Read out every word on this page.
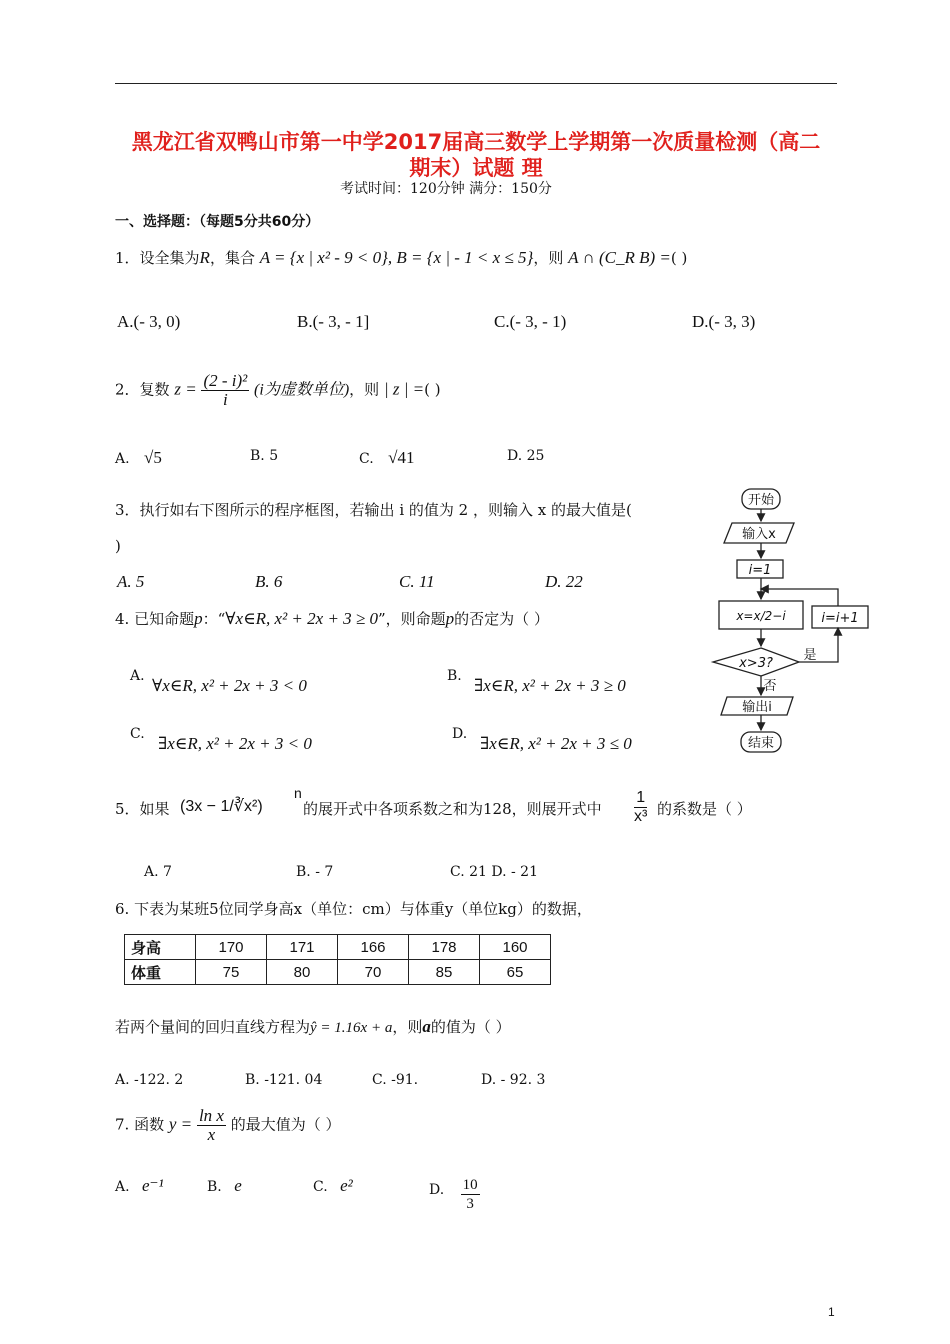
黑龙江省双鸭山市第一中学2017届高三数学上学期第一次质量检测（高二
期末）试题 理
考试时间：120分钟 满分：150分
一、选择题：（每题5分共60分）
1．设全集为R，集合 A = {x | x² - 9 < 0}, B = {x | - 1 < x ≤ 5}，则 A ∩ (C_R B) =( )
A.(- 3, 0)	B.(- 3, - 1]	C.(- 3, - 1)	D.(- 3, 3)
2．复数 $z = \frac{\text{(2 - i)²}}{i} (i$为虚数单位)，则 | z | =( )
A. √5	B. 5	C. √41	D. 25
3．执行如右下图所示的程序框图，若输出 i 的值为 2 ，则输入 x 的最大值是(
)
A. 5	B. 6	C. 11	D. 22
4. 已知命题p：“∀x∈R, x² + 2x + 3 ≥ 0”，则命题p的否定为（ ）
A. ∀x∈R, x² + 2x + 3 < 0	B. ∃x∈R, x² + 2x + 3 ≥ 0
C. ∃x∈R, x² + 2x + 3 < 0	D. ∃x∈R, x² + 2x + 3 ≤ 0
5．如果 (3x − 1/∛x²)
n
的展开式中各项系数之和为128，则展开式中 $\frac{1}{\text{x³}}$ 的系数是（ ）
A. 7	B. - 7	C. 21 D. - 21
6. 下表为某班5位同学身高x（单位：cm）与体重y（单位kg）的数据，
身高	170	171	166	178	160
体重	75	80	70	85	65
若两个量间的回归直线方程为ŷ = 1.16x + a，则a的值为（ ）
A. -122. 2	B. -121. 04	C. -91.	D. - 92. 3
7. 函数 $y = \frac{\text{ln x}}{x}$ 的最大值为（ ）
A. e⁻¹	B. e	C. e²	D. $\frac{10}{3}$
开始
输入x
i=1
x=x/2−i	i=i+1
x>3?
是
否
输出i
结束
1
